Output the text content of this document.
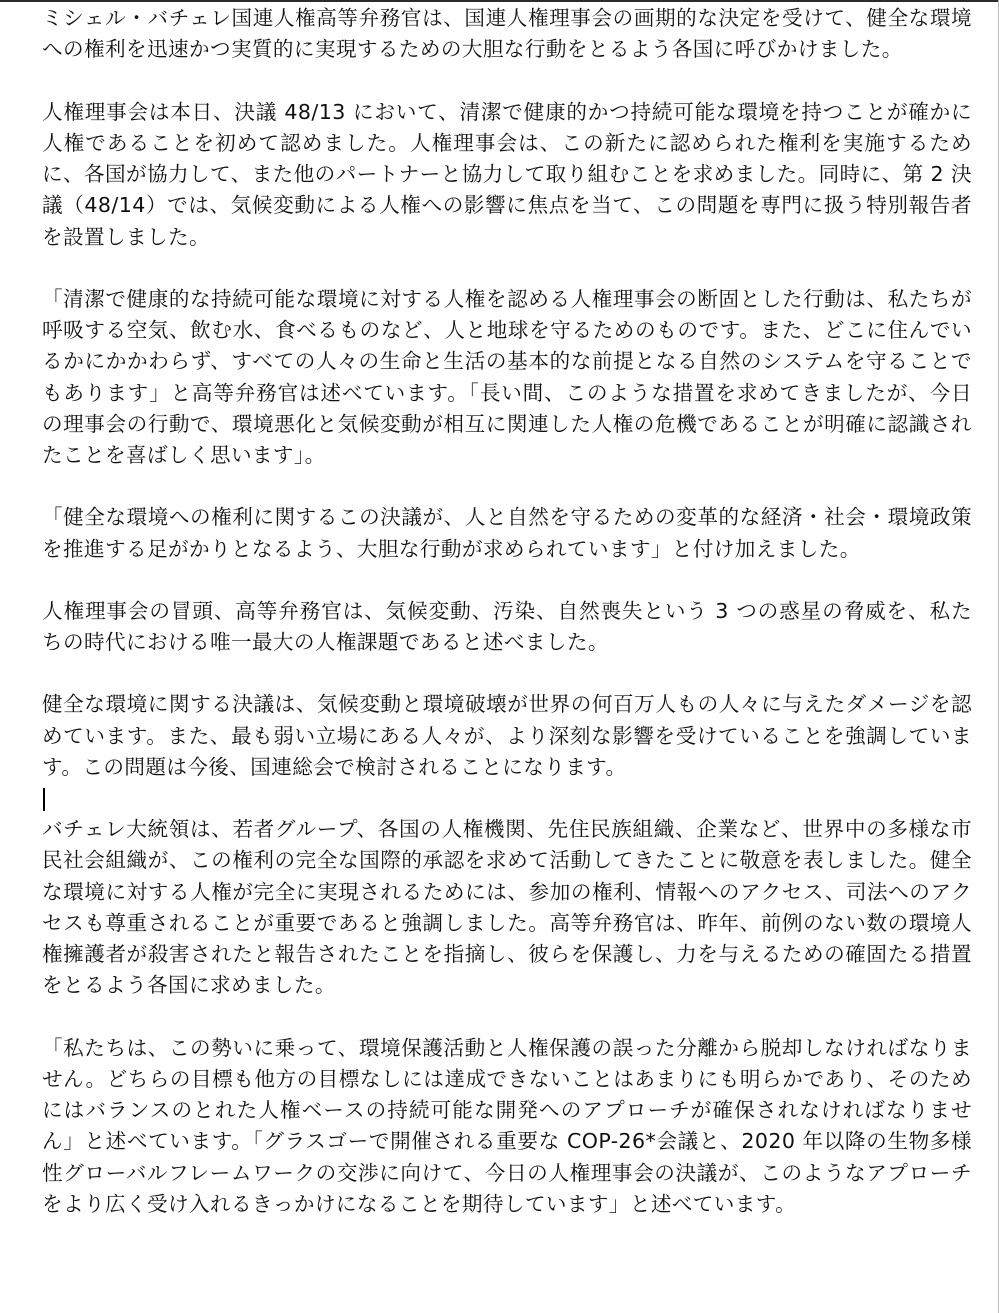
ミシェル・バチェレ国連人権高等弁務官は、国連人権理事会の画期的な決定を受けて、健全な環境への権利を迅速かつ実質的に実現するための大胆な行動をとるよう各国に呼びかけました。

人権理事会は本日、決議 48/13 において、清潔で健康的かつ持続可能な環境を持つことが確かに人権であることを初めて認めました。人権理事会は、この新たに認められた権利を実施するために、各国が協力して、また他のパートナーと協力して取り組むことを求めました。同時に、第 2 決議（48/14）では、気候変動による人権への影響に焦点を当て、この問題を専門に扱う特別報告者を設置しました。

「清潔で健康的な持続可能な環境に対する人権を認める人権理事会の断固とした行動は、私たちが呼吸する空気、飲む水、食べるものなど、人と地球を守るためのものです。また、どこに住んでいるかにかかわらず、すべての人々の生命と生活の基本的な前提となる自然のシステムを守ることでもあります」と高等弁務官は述べています。「長い間、このような措置を求めてきましたが、今日の理事会の行動で、環境悪化と気候変動が相互に関連した人権の危機であることが明確に認識されたことを喜ばしく思います」。

「健全な環境への権利に関するこの決議が、人と自然を守るための変革的な経済・社会・環境政策を推進する足がかりとなるよう、大胆な行動が求められています」と付け加えました。

人権理事会の冒頭、高等弁務官は、気候変動、汚染、自然喪失という 3 つの惑星の脅威を、私たちの時代における唯一最大の人権課題であると述べました。

健全な環境に関する決議は、気候変動と環境破壊が世界の何百万人もの人々に与えたダメージを認めています。また、最も弱い立場にある人々が、より深刻な影響を受けていることを強調しています。この問題は今後、国連総会で検討されることになります。

バチェレ大統領は、若者グループ、各国の人権機関、先住民族組織、企業など、世界中の多様な市民社会組織が、この権利の完全な国際的承認を求めて活動してきたことに敬意を表しました。健全な環境に対する人権が完全に実現されるためには、参加の権利、情報へのアクセス、司法へのアクセスも尊重されることが重要であると強調しました。高等弁務官は、昨年、前例のない数の環境人権擁護者が殺害されたと報告されたことを指摘し、彼らを保護し、力を与えるための確固たる措置をとるよう各国に求めました。

「私たちは、この勢いに乗って、環境保護活動と人権保護の誤った分離から脱却しなければなりません。どちらの目標も他方の目標なしには達成できないことはあまりにも明らかであり、そのためにはバランスのとれた人権ベースの持続可能な開発へのアプローチが確保されなければなりません」と述べています。「グラスゴーで開催される重要な COP-26*会議と、2020 年以降の生物多様性グローバルフレームワークの交渉に向けて、今日の人権理事会の決議が、このようなアプローチをより広く受け入れるきっかけになることを期待しています」と述べています。
